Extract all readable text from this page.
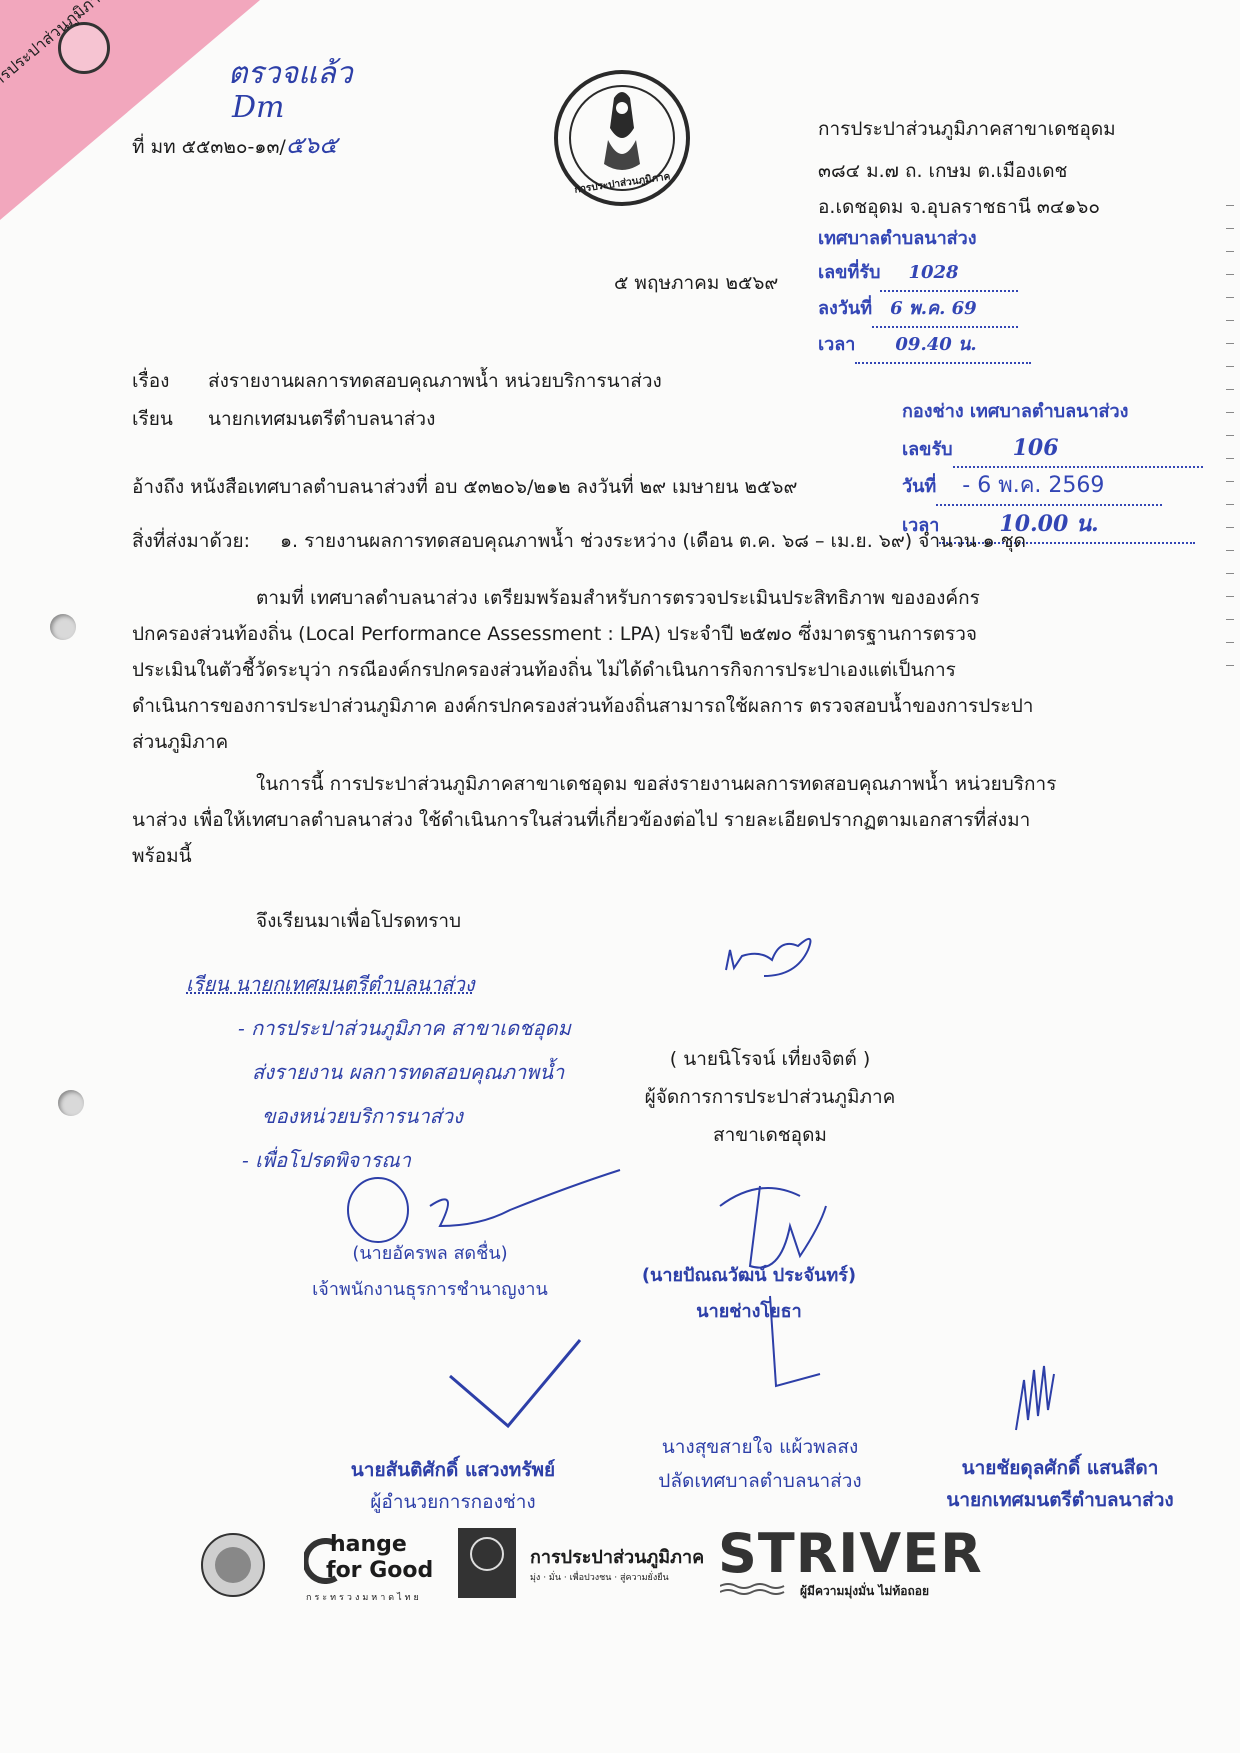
ตรวจแล้ว
Dm
ที่ มท ๕๕๓๒๐-๑๓/๕๖๕
การประปาส่วนภูมิภาค
การประปาส่วนภูมิภาคสาขาเดชอุดม
๓๘๔ ม.๗ ถ. เกษม ต.เมืองเดช
อ.เดชอุดม จ.อุบลราชธานี ๓๔๑๖๐
เทศบาลตำบลนาส่วง
เลขที่รับ 1028
ลงวันที่ 6 พ.ค. 69
เวลา 09.40 น.
๕ พฤษภาคม ๒๕๖๙
เรื่อง ส่งรายงานผลการทดสอบคุณภาพน้ำ หน่วยบริการนาส่วง
เรียน นายกเทศมนตรีตำบลนาส่วง	กองช่าง เทศบาลตำบลนาส่วง
เลขรับ	106
วันที่ - 6 พ.ค. 2569
เวลา	10.00 น.
อ้างถึง หนังสือเทศบาลตำบลนาส่วงที่ อบ ๕๓๒๐๖/๒๑๒ ลงวันที่ ๒๙ เมษายน ๒๕๖๙
สิ่งที่ส่งมาด้วย: ๑. รายงานผลการทดสอบคุณภาพน้ำ ช่วงระหว่าง (เดือน ต.ค. ๖๘ – เม.ย. ๖๙) จำนวน ๑ ชุด
ตามที่ เทศบาลตำบลนาส่วง เตรียมพร้อมสำหรับการตรวจประเมินประสิทธิภาพ ขององค์กร
ปกครองส่วนท้องถิ่น (Local Performance Assessment : LPA) ประจำปี ๒๕๗๐ ซึ่งมาตรฐานการตรวจ
ประเมินในตัวชี้วัดระบุว่า กรณีองค์กรปกครองส่วนท้องถิ่น ไม่ได้ดำเนินการกิจการประปาเองแต่เป็นการ
ดำเนินการของการประปาส่วนภูมิภาค องค์กรปกครองส่วนท้องถิ่นสามารถใช้ผลการ ตรวจสอบน้ำของการประปา
ส่วนภูมิภาค
ในการนี้ การประปาส่วนภูมิภาคสาขาเดชอุดม ขอส่งรายงานผลการทดสอบคุณภาพน้ำ หน่วยบริการ
นาส่วง เพื่อให้เทศบาลตำบลนาส่วง ใช้ดำเนินการในส่วนที่เกี่ยวข้องต่อไป รายละเอียดปรากฏตามเอกสารที่ส่งมา
พร้อมนี้
จึงเรียนมาเพื่อโปรดทราบ
เรียน นายกเทศมนตรีตำบลนาส่วง
- การประปาส่วนภูมิภาค สาขาเดชอุดม
ส่งรายงาน ผลการทดสอบคุณภาพน้ำ
ของหน่วยบริการนาส่วง
- เพื่อโปรดพิจารณา
( นายนิโรจน์ เที่ยงจิตต์ )
ผู้จัดการการประปาส่วนภูมิภาค
สาขาเดชอุดม
(นายอัครพล สดชื่น)
เจ้าพนักงานธุรการชำนาญงาน
(นายปัณณวัฒน์ ประจันทร์)
นายช่างโยธา
นายสันติศักดิ์ แสวงทรัพย์
ผู้อำนวยการกองช่าง
นางสุขสายใจ แผ้วพลสง
ปลัดเทศบาลตำบลนาส่วง
นายชัยดุลศักดิ์ แสนสีดา
นายกเทศมนตรีตำบลนาส่วง
hange
for Good
กระทรวงมหาดไทย
การประปาส่วนภูมิภาค
มุ่ง · มั่น · เพื่อปวงชน · สู่ความยั่งยืน STRIVER
ผู้มีความมุ่งมั่น ไม่ท้อถอย
